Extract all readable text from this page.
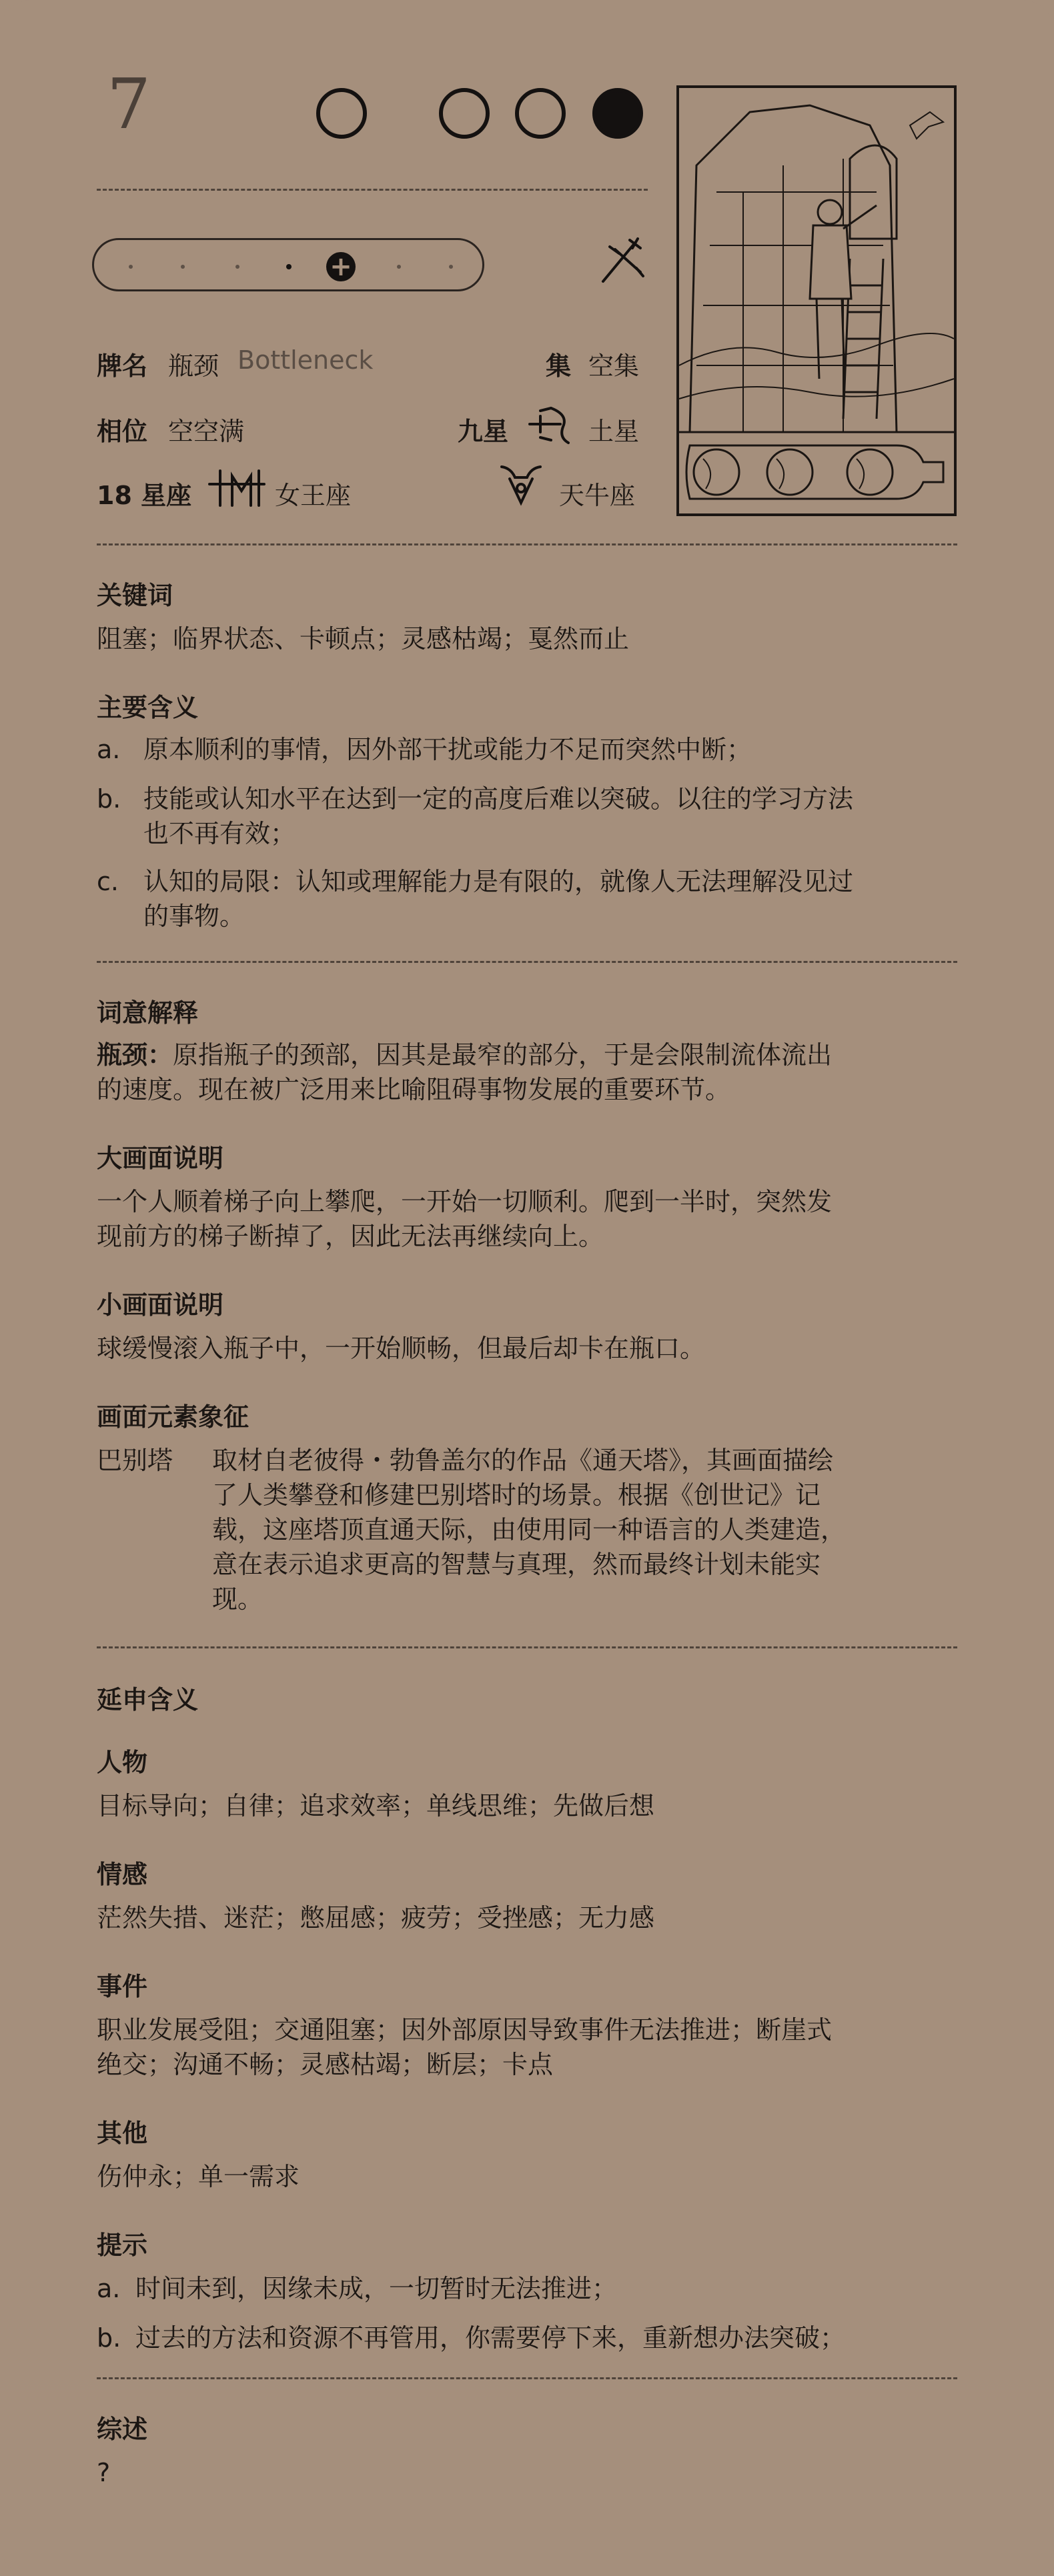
7
+
牌名 瓶颈 Bottleneck	集 空集
相位 空空满	九星	土星
18 星座	女王座	天牛座
关键词
阻塞；临界状态、卡顿点；灵感枯竭；戛然而止
主要含义
a. 原本顺利的事情，因外部干扰或能力不足而突然中断；
b. 技能或认知水平在达到一定的高度后难以突破。以往的学习方法
也不再有效；
c. 认知的局限：认知或理解能力是有限的，就像人无法理解没见过
的事物。
词意解释
瓶颈：原指瓶子的颈部，因其是最窄的部分，于是会限制流体流出
的速度。现在被广泛用来比喻阻碍事物发展的重要环节。
大画面说明
一个人顺着梯子向上攀爬，一开始一切顺利。爬到一半时，突然发
现前方的梯子断掉了，因此无法再继续向上。
小画面说明
球缓慢滚入瓶子中，一开始顺畅，但最后却卡在瓶口。
画面元素象征
巴别塔 取材自老彼得・勃鲁盖尔的作品《通天塔》，其画面描绘
了人类攀登和修建巴别塔时的场景。根据《创世记》记
载，这座塔顶直通天际，由使用同一种语言的人类建造，
意在表示追求更高的智慧与真理，然而最终计划未能实
现。
延申含义
人物
目标导向；自律；追求效率；单线思维；先做后想
情感
茫然失措、迷茫；憋屈感；疲劳；受挫感；无力感
事件
职业发展受阻；交通阻塞；因外部原因导致事件无法推进；断崖式
绝交；沟通不畅；灵感枯竭；断层；卡点
其他
伤仲永；单一需求
提示
a. 时间未到，因缘未成，一切暂时无法推进；
b. 过去的方法和资源不再管用，你需要停下来，重新想办法突破；
综述
?
